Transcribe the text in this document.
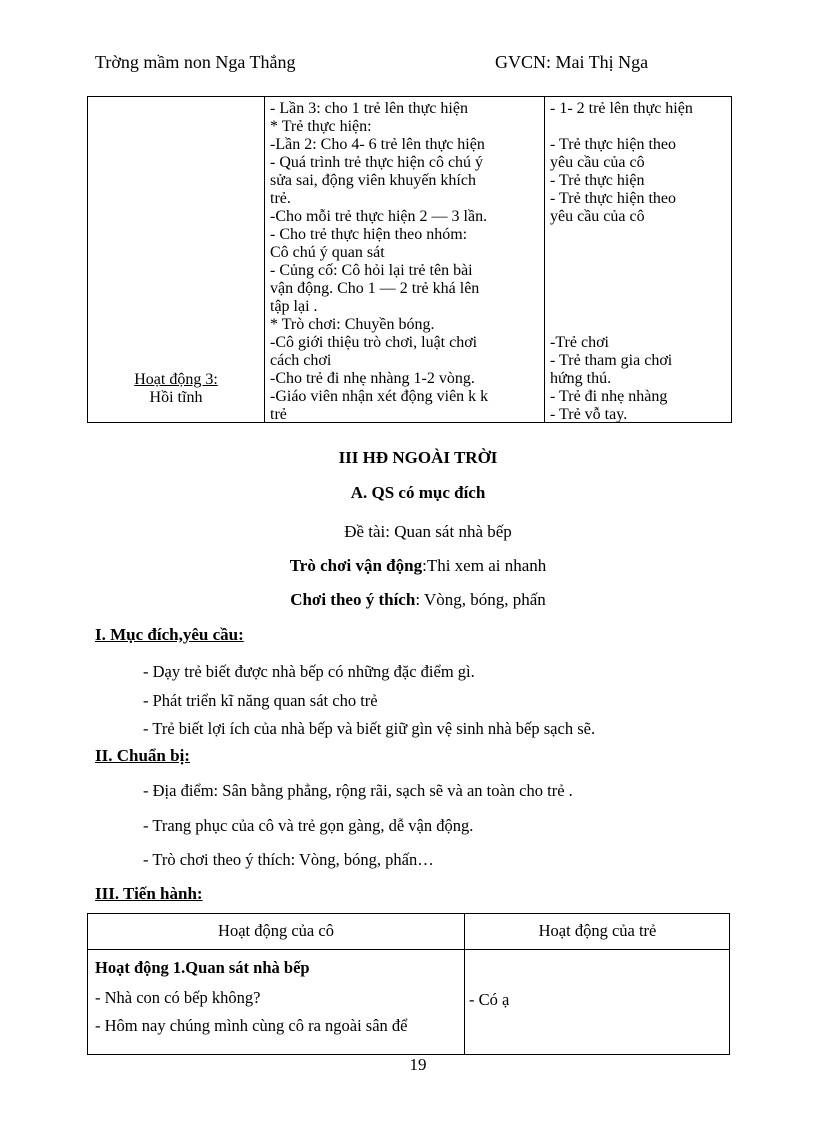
Trờng mầm non Nga Thắng	GVCN: Mai Thị Nga
Hoạt động 3:
Hồi tĩnh
- Lần 3: cho 1 trẻ lên thực hiện
* Trẻ thực hiện:
-Lần 2: Cho 4- 6 trẻ lên thực hiện
- Quá trình trẻ thực hiện cô chú ý
sửa sai, động viên khuyến khích
trẻ.
-Cho mỗi trẻ thực hiện 2 — 3 lần.
- Cho trẻ thực hiện theo nhóm:
Cô chú ý quan sát
- Củng cố: Cô hỏi lại trẻ tên bài
vận động. Cho 1 — 2 trẻ khá lên
tập lại .
* Trò chơi: Chuyền bóng.
-Cô giới thiệu trò chơi, luật chơi
cách chơi
-Cho trẻ đi nhẹ nhàng 1-2 vòng.
-Giáo viên nhận xét động viên k k
trẻ
- 1- 2 trẻ lên thực hiện
- Trẻ thực hiện theo
yêu cầu của cô
- Trẻ thực hiện
- Trẻ thực hiện theo
yêu cầu của cô
-Trẻ chơi
- Trẻ tham gia chơi
hứng thú.
- Trẻ đi nhẹ nhàng
- Trẻ vỗ tay.
III HĐ NGOÀI TRỜI
A. QS có mục đích
Đề tài: Quan sát nhà bếp
Trò chơi vận động:Thi xem ai nhanh
Chơi theo ý thích: Vòng, bóng, phấn
I. Mục đích,yêu cầu:
- Dạy trẻ biết được nhà bếp có những đặc điểm gì.
- Phát triển kĩ năng quan sát cho trẻ
- Trẻ biết lợi ích của nhà bếp và biết giữ gìn vệ sinh nhà bếp sạch sẽ.
II. Chuẩn bị:
- Địa điểm: Sân bằng phẳng, rộng rãi, sạch sẽ và an toàn cho trẻ .
- Trang phục của cô và trẻ gọn gàng, dễ vận động.
- Trò chơi theo ý thích: Vòng, bóng, phấn…
III. Tiến hành:
Hoạt động của cô	Hoạt động của trẻ
Hoạt động 1.Quan sát nhà bếp
- Nhà con có bếp không?
- Hôm nay chúng mình cùng cô ra ngoài sân để
- Có ạ
19
